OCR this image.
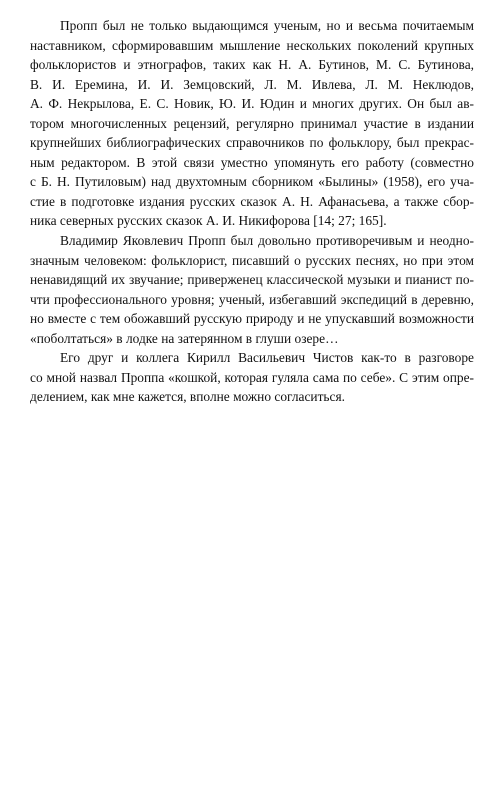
Пропп был не только выдающимся ученым, но и весьма почитаемым
наставником, сформировавшим мышление нескольких поколений крупных
фольклористов и этнографов, таких как Н. А. Бутинов, М. С. Бутинова,
В. И. Еремина, И. И. Земцовский, Л. М. Ивлева, Л. М. Неклюдов,
А. Ф. Некрылова, Е. С. Новик, Ю. И. Юдин и многих других. Он был ав-
тором многочисленных рецензий, регулярно принимал участие в издании
крупнейших библиографических справочников по фольклору, был прекрас-
ным редактором. В этой связи уместно упомянуть его работу (совместно
с Б. Н. Путиловым) над двухтомным сборником «Былины» (1958), его уча-
стие в подготовке издания русских сказок А. Н. Афанасьева, а также сбор-
ника северных русских сказок А. И. Никифорова [14; 27; 165].
Владимир Яковлевич Пропп был довольно противоречивым и неодно-
значным человеком: фольклорист, писавший о русских песнях, но при этом
ненавидящий их звучание; приверженец классической музыки и пианист по-
чти профессионального уровня; ученый, избегавший экспедиций в деревню,
но вместе с тем обожавший русскую природу и не упускавший возможности
«поболтаться» в лодке на затерянном в глуши озере…
Его друг и коллега Кирилл Васильевич Чистов как-то в разговоре
со мной назвал Проппа «кошкой, которая гуляла сама по себе». С этим опре-
делением, как мне кажется, вполне можно согласиться.
